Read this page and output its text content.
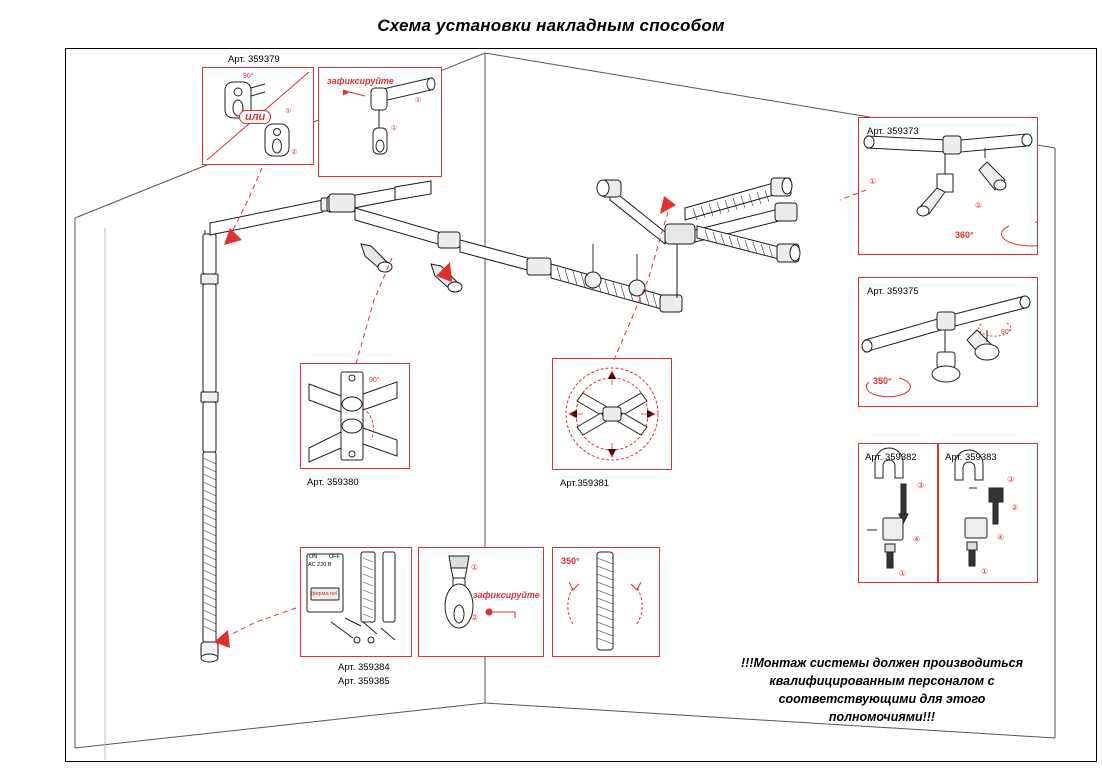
Схема установки накладным способом
Арт. 359379
90°
①
②
или
①
①
зафиксируйте
①
②
Арт. 359373
360°
90°
Арт. 359375
350°
③
④
①
Арт. 359382
③
②
④
①
Арт. 359383
90°
Арт. 359380	Арт.359381
ON OFF
AC 220 В
фирма nel
Арт. 359384
Арт. 359385
①
②
зафиксируйте
350°
!!!Монтаж системы должен производиться квалифицированным персоналом с соответствующими для этого полномочиями!!!
